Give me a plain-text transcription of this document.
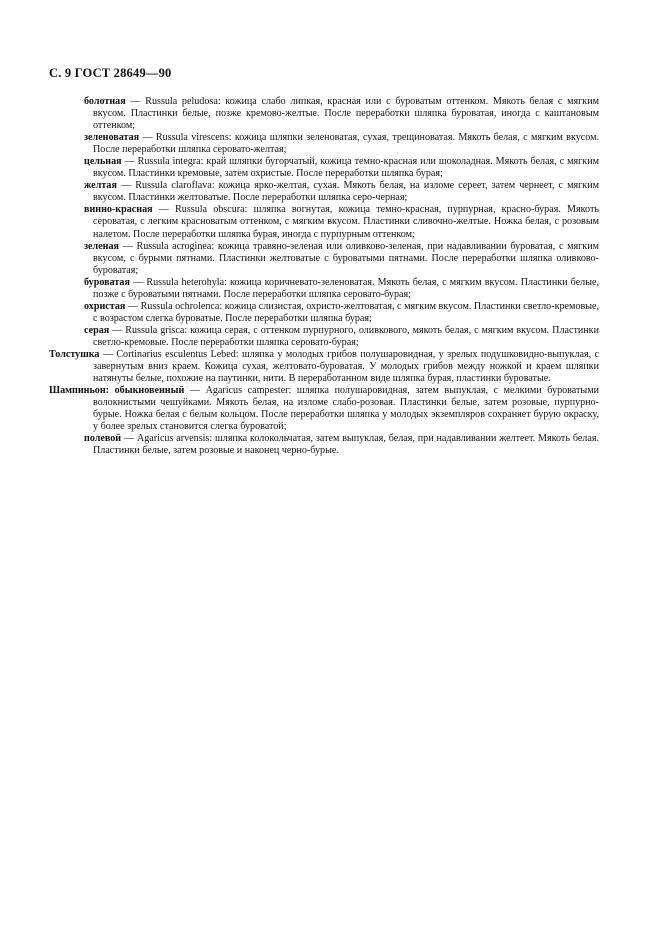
С. 9 ГОСТ 28649—90

болотная — Russula peludosa: кожица слабо липкая, красная или с буроватым оттенком. Мякоть белая с мягким вкусом. Пластинки белые, позже кремово-желтые. После переработки шляпка буроватая, иногда с каштановым оттенком;

зеленоватая — Russula virescens: кожица шляпки зеленоватая, сухая, трещиноватая. Мякоть белая, с мягким вкусом. После переработки шляпка серовато-желтая;

цельная — Russula integra: край шляпки бугорчатый, кожица темно-красная или шоколадная. Мякоть белая, с мягким вкусом. Пластинки кремовые, затем охристые. После переработки шляпка бурая;

желтая — Russula claroflava: кожица ярко-желтая, сухая. Мякоть белая, на изломе сереет, затем чернеет, с мягким вкусом. Пластинки желтоватые. После переработки шляпка серо-черная;

винно-красная — Russula obscura: шляпка вогнутая, кожица темно-красная, пурпурная, красно-бурая. Мякоть сероватая, с легким красноватым оттенком, с мягким вкусом. Пластинки сливочно-желтые. Ножка белая, с розовым налетом. После переработки шляпка бурая, иногда с пурпурным оттенком;

зеленая — Russula acroginea: кожица травяно-зеленая или оливково-зеленая, при надавливании буроватая, с мягким вкусом, с бурыми пятнами. Пластинки желтоватые с буроватыми пятнами. После переработки шляпка оливково-буроватая;

буроватая — Russula heterohyla: кожица коричневато-зеленоватая. Мякоть белая, с мягким вкусом. Пластинки белые, позже с буроватыми пятнами. После переработки шляпка серовато-бурая;

охристая — Russula ochrolenca: кожица слизистая, охристо-желтоватая, с мягким вкусом. Пластинки светло-кремовые, с возрастом слегка буроватые. После переработки шляпка бурая;

серая — Russula grisca: кожица серая, с оттенком пурпурного, оливкового, мякоть белая, с мягким вкусом. Пластинки светло-кремовые. После переработки шляпка серовато-бурая;

Толстушка — Cortinarius esculentus Lebed: шляпка у молодых грибов полушаровидная, у зрелых подушковидно-выпуклая, с завернутым вниз краем. Кожица сухая, желтовато-буроватая. У молодых грибов между ножкой и краем шляпки натянуты белые, похожие на паутинки, нити. В переработанном виде шляпка бурая, пластинки буроватые.

Шампиньон: обыкновенный — Agaricus campester: шляпка полушаровидная, затем выпуклая, с мелкими буроватыми волокнистыми чешуйками. Мякоть белая, на изломе слабо-розовая. Пластинки белые, затем розовые, пурпурно-бурые. Ножка белая с белым кольцом. После переработки шляпка у молодых экземпляров сохраняет бурую окраску, у более зрелых становится слегка буроватой;

полевой — Agaricus arvensis: шляпка колокольчатая, затем выпуклая, белая, при надавливании желтеет. Мякоть белая. Пластинки белые, затем розовые и наконец черно-бурые.
